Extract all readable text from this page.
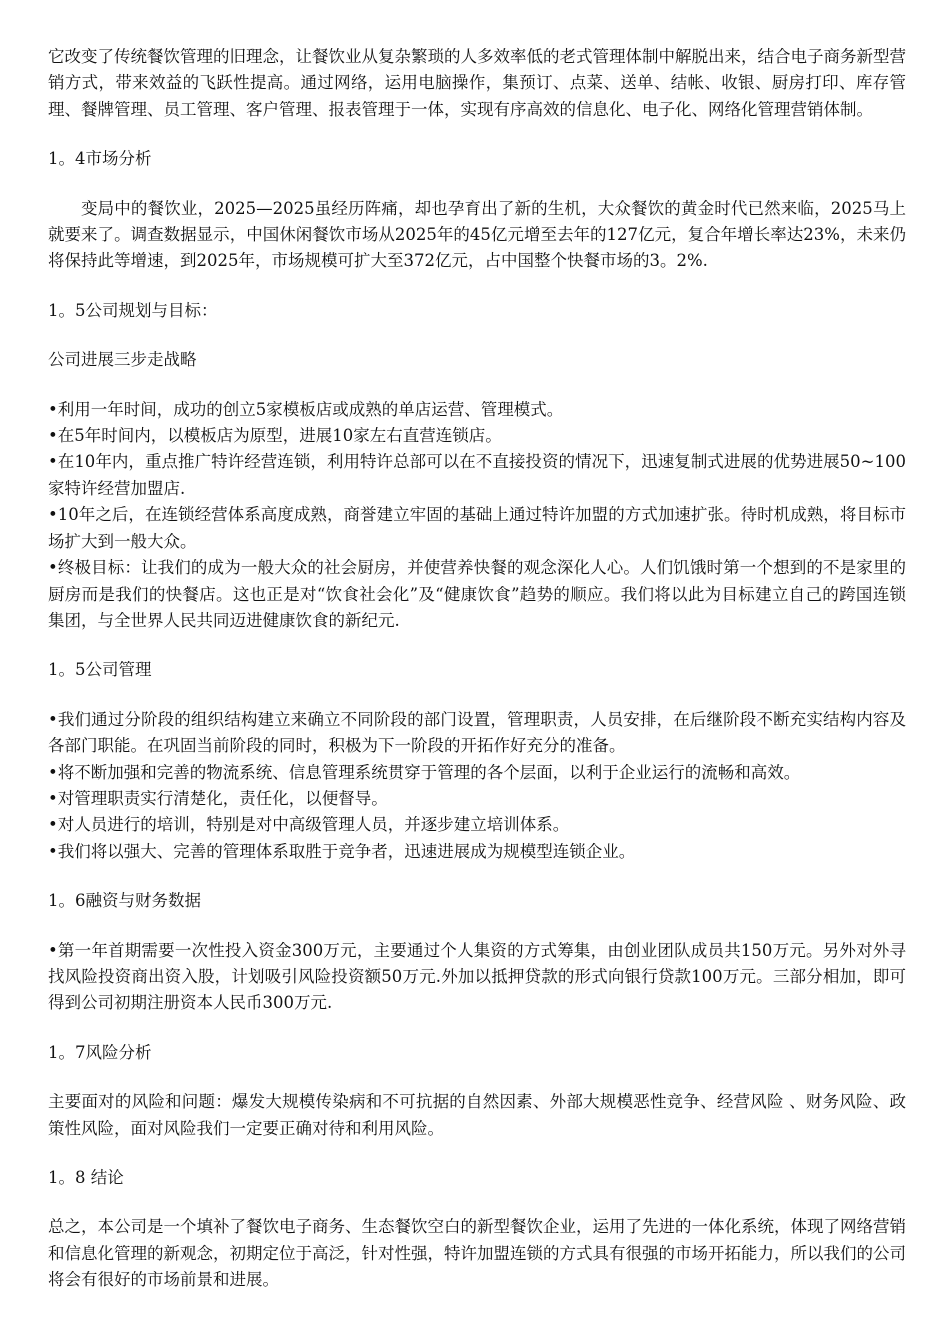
它改变了传统餐饮管理的旧理念，让餐饮业从复杂繁琐的人多效率低的老式管理体制中解脱出来，结合电子商务新型营销方式，带来效益的飞跃性提高。通过网络，运用电脑操作，集预订、点菜、送单、结帐、收银、厨房打印、库存管理、餐牌管理、员工管理、客户管理、报表管理于一体，实现有序高效的信息化、电子化、网络化管理营销体制。

1。4市场分析

变局中的餐饮业，2025—2025虽经历阵痛，却也孕育出了新的生机，大众餐饮的黄金时代已然来临，2025马上就要来了。调查数据显示，中国休闲餐饮市场从2025年的45亿元增至去年的127亿元，复合年增长率达23%，未来仍将保持此等增速，到2025年，市场规模可扩大至372亿元，占中国整个快餐市场的3。2%.

1。5公司规划与目标：

公司进展三步走战略

•利用一年时间，成功的创立5家模板店或成熟的单店运营、管理模式。

•在5年时间内，以模板店为原型，进展10家左右直营连锁店。

•在10年内，重点推广特许经营连锁，利用特许总部可以在不直接投资的情况下，迅速复制式进展的优势进展50~100家特许经营加盟店.

•10年之后，在连锁经营体系高度成熟，商誉建立牢固的基础上通过特许加盟的方式加速扩张。待时机成熟，将目标市场扩大到一般大众。

•终极目标：让我们的成为一般大众的社会厨房，并使营养快餐的观念深化人心。人们饥饿时第一个想到的不是家里的厨房而是我们的快餐店。这也正是对“饮食社会化”及“健康饮食”趋势的顺应。我们将以此为目标建立自己的跨国连锁集团，与全世界人民共同迈进健康饮食的新纪元.

1。5公司管理

•我们通过分阶段的组织结构建立来确立不同阶段的部门设置，管理职责，人员安排，在后继阶段不断充实结构内容及各部门职能。在巩固当前阶段的同时，积极为下一阶段的开拓作好充分的准备。

•将不断加强和完善的物流系统、信息管理系统贯穿于管理的各个层面，以利于企业运行的流畅和高效。

•对管理职责实行清楚化，责任化，以便督导。

•对人员进行的培训，特别是对中高级管理人员，并逐步建立培训体系。

•我们将以强大、完善的管理体系取胜于竞争者，迅速进展成为规模型连锁企业。

1。6融资与财务数据

•第一年首期需要一次性投入资金300万元，主要通过个人集资的方式筹集，由创业团队成员共150万元。另外对外寻找风险投资商出资入股，计划吸引风险投资额50万元.外加以抵押贷款的形式向银行贷款100万元。三部分相加，即可得到公司初期注册资本人民币300万元.

1。7风险分析

主要面对的风险和问题：爆发大规模传染病和不可抗据的自然因素、外部大规模恶性竞争、经营风险 、财务风险、政策性风险，面对风险我们一定要正确对待和利用风险。

1。8 结论

总之，本公司是一个填补了餐饮电子商务、生态餐饮空白的新型餐饮企业，运用了先进的一体化系统，体现了网络营销和信息化管理的新观念，初期定位于高泛，针对性强，特许加盟连锁的方式具有很强的市场开拓能力，所以我们的公司将会有很好的市场前景和进展。
